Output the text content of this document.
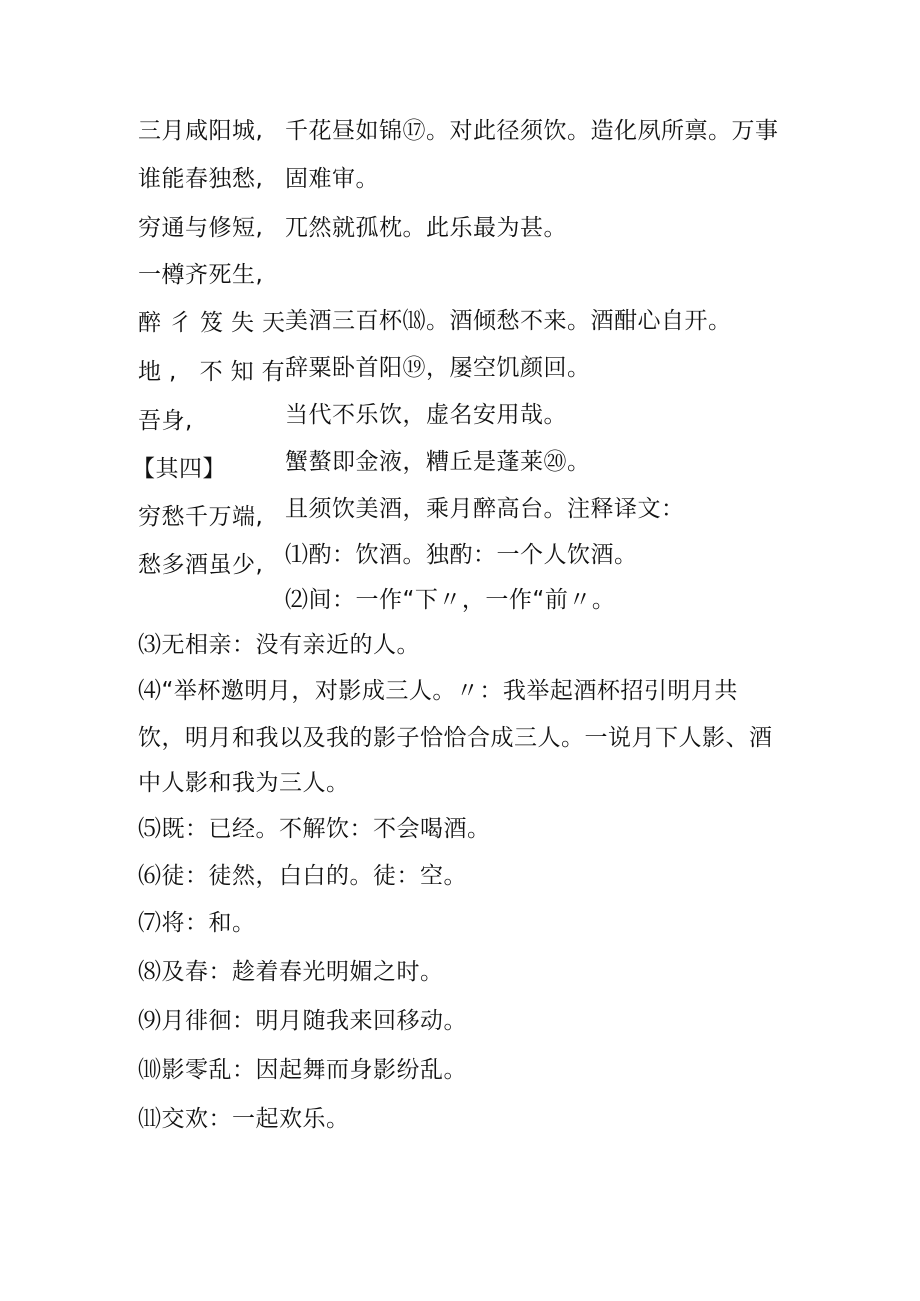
三月咸阳城,
谁能春独愁,
穷通与修短,
一樽齐死生,
醉彳笈失天
地, 不知有
吾身,
【其四】
穷愁千万端,
愁多酒虽少,
千花昼如锦⑰。对此径须饮。造化夙所禀。万事
固难审。
兀然就孤枕。此乐最为甚。
美酒三百杯⒅。酒倾愁不来。酒酣心自开。
辞粟卧首阳⑲，屡空饥颜回。
当代不乐饮，虚名安用哉。
蟹螯即金液，糟丘是蓬莱⑳。
且须饮美酒，乘月醉高台。注释译文：
⑴酌：饮酒。独酌：一个人饮酒。
⑵间：一作“下〃，一作“前〃。
⑶无相亲：没有亲近的人。
⑷“举杯邀明月，对影成三人。〃：我举起酒杯招引明月共
饮，明月和我以及我的影子恰恰合成三人。一说月下人影、酒
中人影和我为三人。
⑸既：已经。不解饮：不会喝酒。
⑹徒：徒然，白白的。徒：空。
⑺将：和。
⑻及春：趁着春光明媚之时。
⑼月徘徊：明月随我来回移动。
⑽影零乱：因起舞而身影纷乱。
⑾交欢：一起欢乐。
